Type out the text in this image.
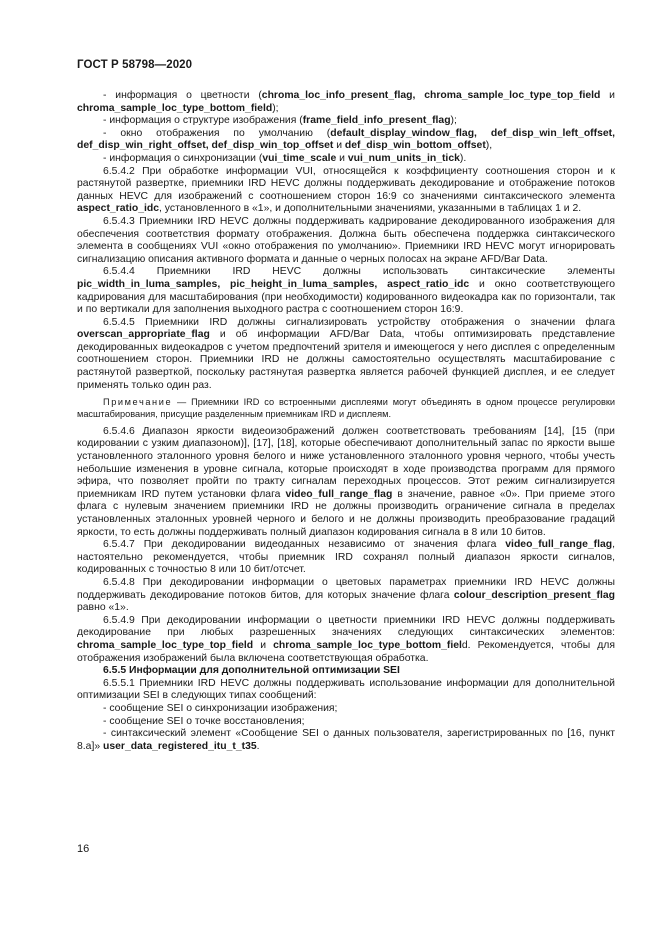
ГОСТ Р 58798—2020

- информация о цветности (chroma_loc_info_present_flag, chroma_sample_loc_type_top_field и chroma_sample_loc_type_bottom_field);

- информация о структуре изображения (frame_field_info_present_flag);

- окно отображения по умолчанию (default_display_window_flag, def_disp_win_left_offset, def_disp_win_right_offset, def_disp_win_top_offset и def_disp_win_bottom_offset),

- информация о синхронизации (vui_time_scale и vui_num_units_in_tick).

6.5.4.2 При обработке информации VUI, относящейся к коэффициенту соотношения сторон и к растянутой развертке, приемники IRD HEVC должны поддерживать декодирование и отображение потоков данных HEVC для изображений с соотношением сторон 16:9 со значениями синтаксического элемента aspect_ratio_idc, установленного в «1», и дополнительными значениями, указанными в таблицах 1 и 2.

6.5.4.3 Приемники IRD HEVC должны поддерживать кадрирование декодированного изображения для обеспечения соответствия формату отображения. Должна быть обеспечена поддержка синтаксического элемента в сообщениях VUI «окно отображения по умолчанию». Приемники IRD HEVC могут игнорировать сигнализацию описания активного формата и данные о черных полосах на экране AFD/Bar Data.

6.5.4.4 Приемники IRD HEVC должны использовать синтаксические элементы pic_width_in_luma_samples, pic_height_in_luma_samples, aspect_ratio_idc и окно соответствующего кадрирования для масштабирования (при необходимости) кодированного видеокадра как по горизонтали, так и по вертикали для заполнения выходного растра с соотношением сторон 16:9.

6.5.4.5 Приемники IRD должны сигнализировать устройству отображения о значении флага overscan_appropriate_flag и об информации AFD/Bar Data, чтобы оптимизировать представление декодированных видеокадров с учетом предпочтений зрителя и имеющегося у него дисплея с определенным соотношением сторон. Приемники IRD не должны самостоятельно осуществлять масштабирование с растянутой разверткой, поскольку растянутая развертка является рабочей функцией дисплея, и ее следует применять только один раз.

Примечание — Приемники IRD со встроенными дисплеями могут объединять в одном процессе регулировки масштабирования, присущие разделенным приемникам IRD и дисплеям.

6.5.4.6 Диапазон яркости видеоизображений должен соответствовать требованиям [14], [15 (при кодировании с узким диапазоном)], [17], [18], которые обеспечивают дополнительный запас по яркости выше установленного эталонного уровня белого и ниже установленного эталонного уровня черного, чтобы учесть небольшие изменения в уровне сигнала, которые происходят в ходе производства программ для прямого эфира, что позволяет пройти по тракту сигналам переходных процессов. Этот режим сигнализируется приемникам IRD путем установки флага video_full_range_flag в значение, равное «0». При приеме этого флага с нулевым значением приемники IRD не должны производить ограничение сигнала в пределах установленных эталонных уровней черного и белого и не должны производить преобразование градаций яркости, то есть должны поддерживать полный диапазон кодирования сигнала в 8 или 10 битов.

6.5.4.7 При декодировании видеоданных независимо от значения флага video_full_range_flag, настоятельно рекомендуется, чтобы приемник IRD сохранял полный диапазон яркости сигналов, кодированных с точностью 8 или 10 бит/отсчет.

6.5.4.8 При декодировании информации о цветовых параметрах приемники IRD HEVC должны поддерживать декодирование потоков битов, для которых значение флага colour_description_present_flag равно «1».

6.5.4.9 При декодировании информации о цветности приемники IRD HEVC должны поддерживать декодирование при любых разрешенных значениях следующих синтаксических элементов: chroma_sample_loc_type_top_field и chroma_sample_loc_type_bottom_field. Рекомендуется, чтобы для отображения изображений была включена соответствующая обработка.

6.5.5 Информации для дополнительной оптимизации SEI

6.5.5.1 Приемники IRD HEVC должны поддерживать использование информации для дополнительной оптимизации SEI в следующих типах сообщений:

- сообщение SEI о синхронизации изображения;

- сообщение SEI о точке восстановления;

- синтаксический элемент «Сообщение SEI о данных пользователя, зарегистрированных по [16, пункт 8.a]» user_data_registered_itu_t_t35.

16
